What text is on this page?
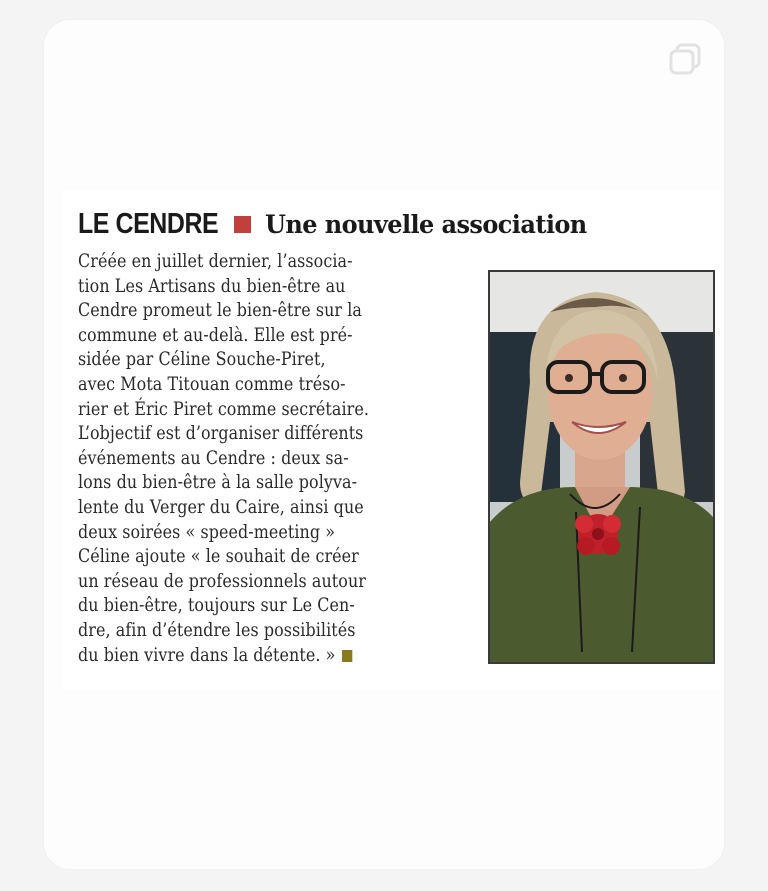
LE CENDRE Une nouvelle association
Créée en juillet dernier, l’associa-
tion Les Artisans du bien-être au
Cendre promeut le bien-être sur la
commune et au-delà. Elle est pré-
sidée par Céline Souche-Piret,
avec Mota Titouan comme tréso-
rier et Éric Piret comme secrétaire.
L’objectif est d’organiser différents
événements au Cendre : deux sa-
lons du bien-être à la salle polyva-
lente du Verger du Caire, ainsi que
deux soirées « speed-meeting »
Céline ajoute « le souhait de créer
un réseau de professionnels autour
du bien-être, toujours sur Le Cen-
dre, afin d’étendre les possibilités
du bien vivre dans la détente. »
